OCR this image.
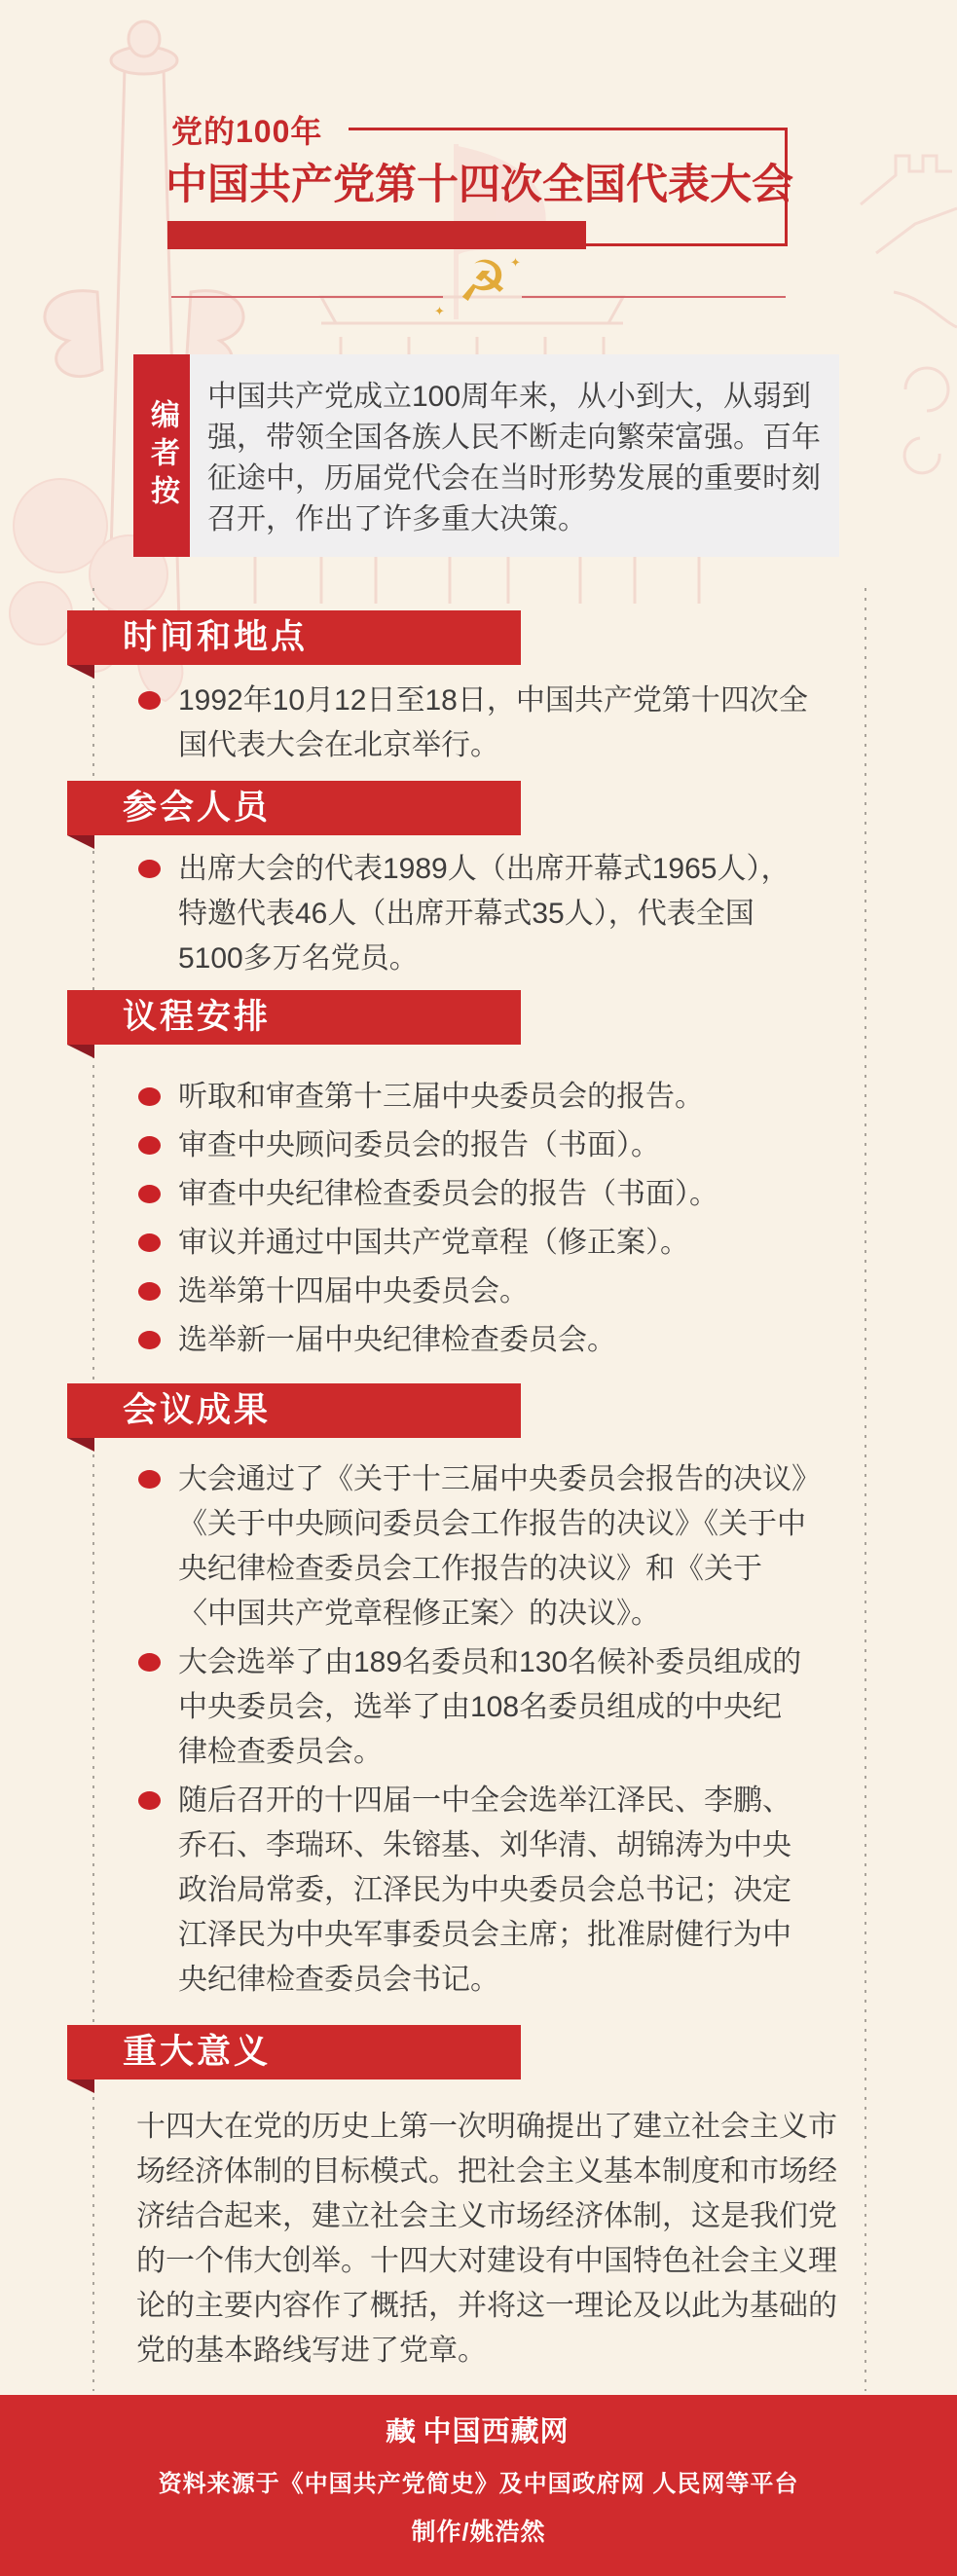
党的100年
中国共产党第十四次全国代表大会
☭
✦
✦
编者按

中国共产党成立100周年来，从小到大，从弱到强，带领全国各族人民不断走向繁荣富强。百年征途中，历届党代会在当时形势发展的重要时刻召开，作出了许多重大决策。

时间和地点

1992年10月12日至18日，中国共产党第十四次全国代表大会在北京举行。

参会人员

出席大会的代表1989人（出席开幕式1965人），特邀代表46人（出席开幕式35人），代表全国5100多万名党员。

议程安排

听取和审查第十三届中央委员会的报告。

审查中央顾问委员会的报告（书面）。

审查中央纪律检查委员会的报告（书面）。

审议并通过中国共产党章程（修正案）。

选举第十四届中央委员会。

选举新一届中央纪律检查委员会。

会议成果

大会通过了《关于十三届中央委员会报告的决议》《关于中央顾问委员会工作报告的决议》《关于中央纪律检查委员会工作报告的决议》和《关于〈中国共产党章程修正案〉的决议》。

大会选举了由189名委员和130名候补委员组成的中央委员会，选举了由108名委员组成的中央纪律检查委员会。

随后召开的十四届一中全会选举江泽民、李鹏、乔石、李瑞环、朱镕基、刘华清、胡锦涛为中央政治局常委，江泽民为中央委员会总书记；决定江泽民为中央军事委员会主席；批准尉健行为中央纪律检查委员会书记。

重大意义

十四大在党的历史上第一次明确提出了建立社会主义市场经济体制的目标模式。把社会主义基本制度和市场经济结合起来，建立社会主义市场经济体制，这是我们党的一个伟大创举。十四大对建设有中国特色社会主义理论的主要内容作了概括，并将这一理论及以此为基础的党的基本路线写进了党章。

藏 中国西藏网
资料来源于《中国共产党简史》及中国政府网 人民网等平台
制作/姚浩然
